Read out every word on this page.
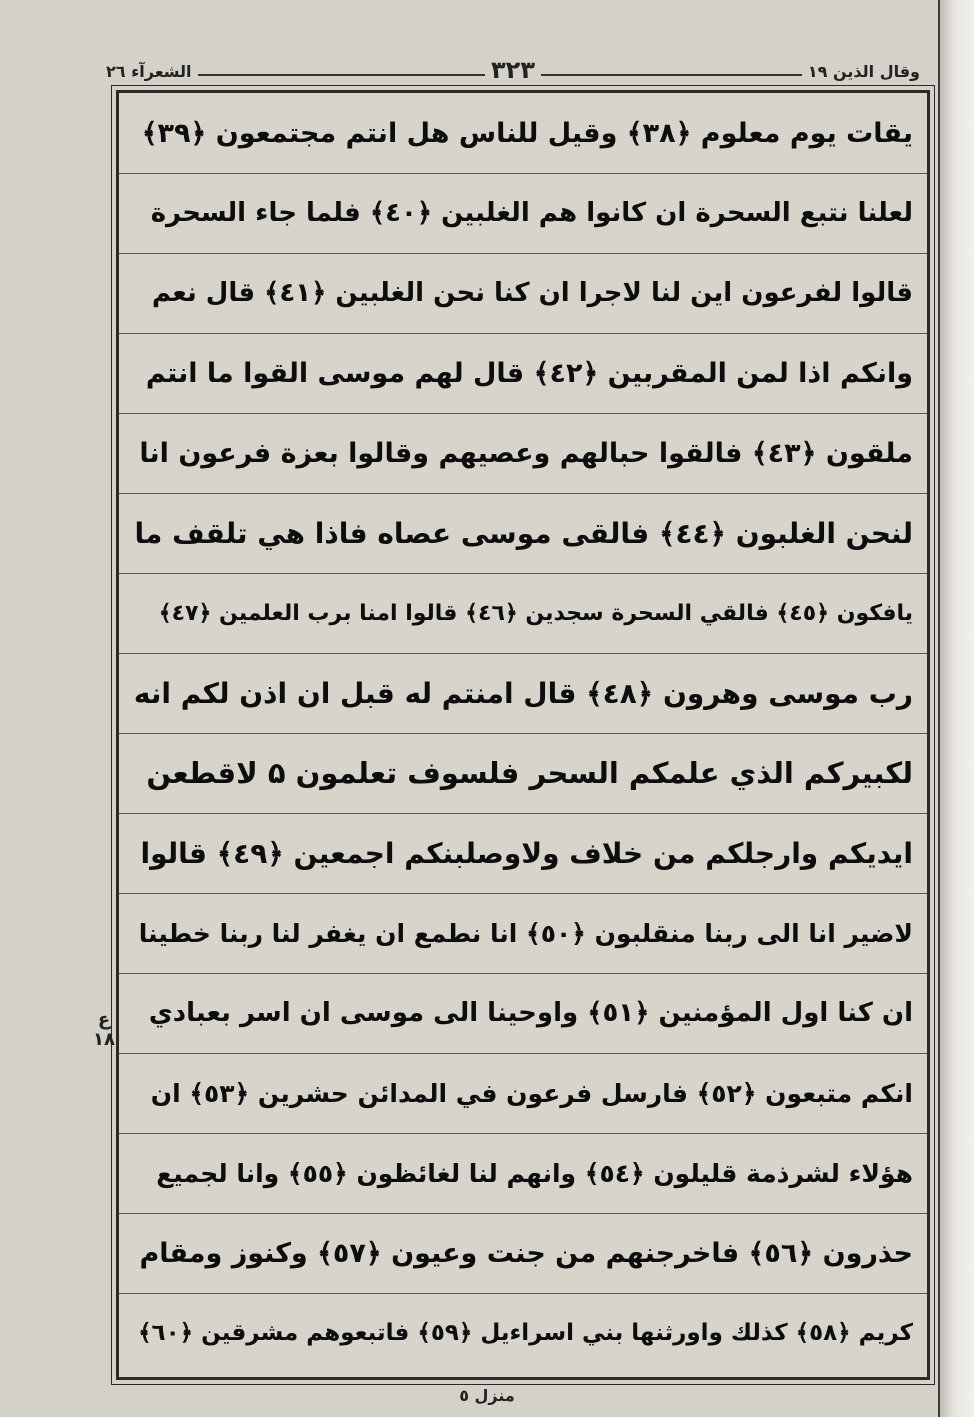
وقال الذين ١٩
٣٢٣
الشعرآء ٢٦
يقات يوم معلوم ﴿٣٨﴾ وقيل للناس هل انتم مجتمعون ﴿٣٩﴾
لعلنا نتبع السحرة ان كانوا هم الغلبين ﴿٤٠﴾ فلما جاء السحرة
قالوا لفرعون اين لنا لاجرا ان كنا نحن الغلبين ﴿٤١﴾ قال نعم
وانكم اذا لمن المقربين ﴿٤٢﴾ قال لهم موسى القوا ما انتم
ملقون ﴿٤٣﴾ فالقوا حبالهم وعصيهم وقالوا بعزة فرعون انا
لنحن الغلبون ﴿٤٤﴾ فالقى موسى عصاه فاذا هي تلقف ما
يافكون ﴿٤٥﴾ فالقي السحرة سجدين ﴿٤٦﴾ قالوا امنا برب العلمين ﴿٤٧﴾
رب موسى وهرون ﴿٤٨﴾ قال امنتم له قبل ان اذن لكم انه
لكبيركم الذي علمكم السحر فلسوف تعلمون ۵ لاقطعن
ايديكم وارجلكم من خلاف ولاوصلبنكم اجمعين ﴿٤٩﴾ قالوا
لاضير انا الى ربنا منقلبون ﴿٥٠﴾ انا نطمع ان يغفر لنا ربنا خطينا
ان كنا اول المؤمنين ﴿٥١﴾ واوحينا الى موسى ان اسر بعبادي
انكم متبعون ﴿٥٢﴾ فارسل فرعون في المدائن حشرين ﴿٥٣﴾ ان
هؤلاء لشرذمة قليلون ﴿٥٤﴾ وانهم لنا لغائظون ﴿٥٥﴾ وانا لجميع
حذرون ﴿٥٦﴾ فاخرجنهم من جنت وعيون ﴿٥٧﴾ وكنوز ومقام
كريم ﴿٥٨﴾ كذلك واورثنها بني اسراءيل ﴿٥٩﴾ فاتبعوهم مشرقين ﴿٦٠﴾
ع ١٨
منزل ٥
